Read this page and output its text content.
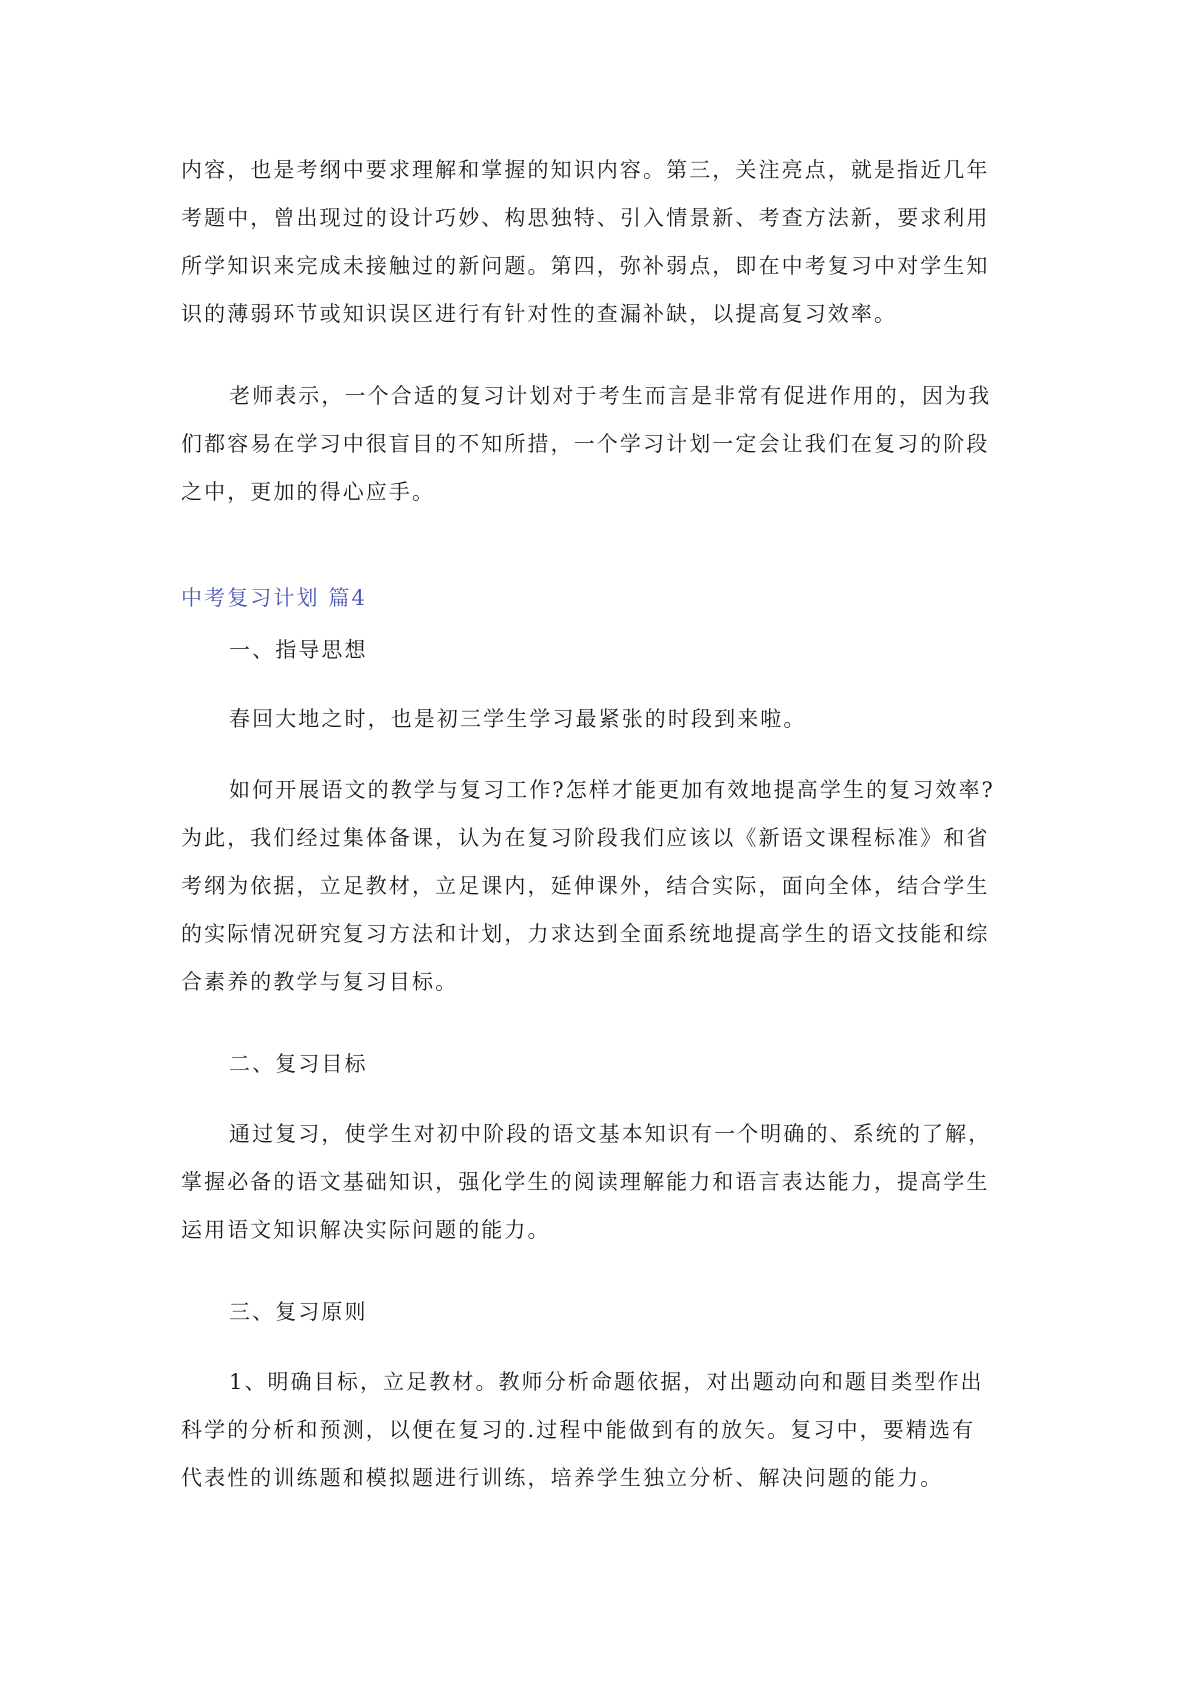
内容，也是考纲中要求理解和掌握的知识内容。第三，关注亮点，就是指近几年
考题中，曾出现过的设计巧妙、构思独特、引入情景新、考查方法新，要求利用
所学知识来完成未接触过的新问题。第四，弥补弱点，即在中考复习中对学生知
识的薄弱环节或知识误区进行有针对性的查漏补缺，以提高复习效率。

老师表示，一个合适的复习计划对于考生而言是非常有促进作用的，因为我
们都容易在学习中很盲目的不知所措，一个学习计划一定会让我们在复习的阶段
之中，更加的得心应手。

中考复习计划 篇4

一、指导思想

春回大地之时，也是初三学生学习最紧张的时段到来啦。

如何开展语文的教学与复习工作?怎样才能更加有效地提高学生的复习效率?
为此，我们经过集体备课，认为在复习阶段我们应该以《新语文课程标准》和省
考纲为依据，立足教材，立足课内，延伸课外，结合实际，面向全体，结合学生
的实际情况研究复习方法和计划，力求达到全面系统地提高学生的语文技能和综
合素养的教学与复习目标。

二、复习目标

通过复习，使学生对初中阶段的语文基本知识有一个明确的、系统的了解，
掌握必备的语文基础知识，强化学生的阅读理解能力和语言表达能力，提高学生
运用语文知识解决实际问题的能力。

三、复习原则

1、明确目标，立足教材。教师分析命题依据，对出题动向和题目类型作出
科学的分析和预测，以便在复习的.过程中能做到有的放矢。复习中，要精选有
代表性的训练题和模拟题进行训练，培养学生独立分析、解决问题的能力。
